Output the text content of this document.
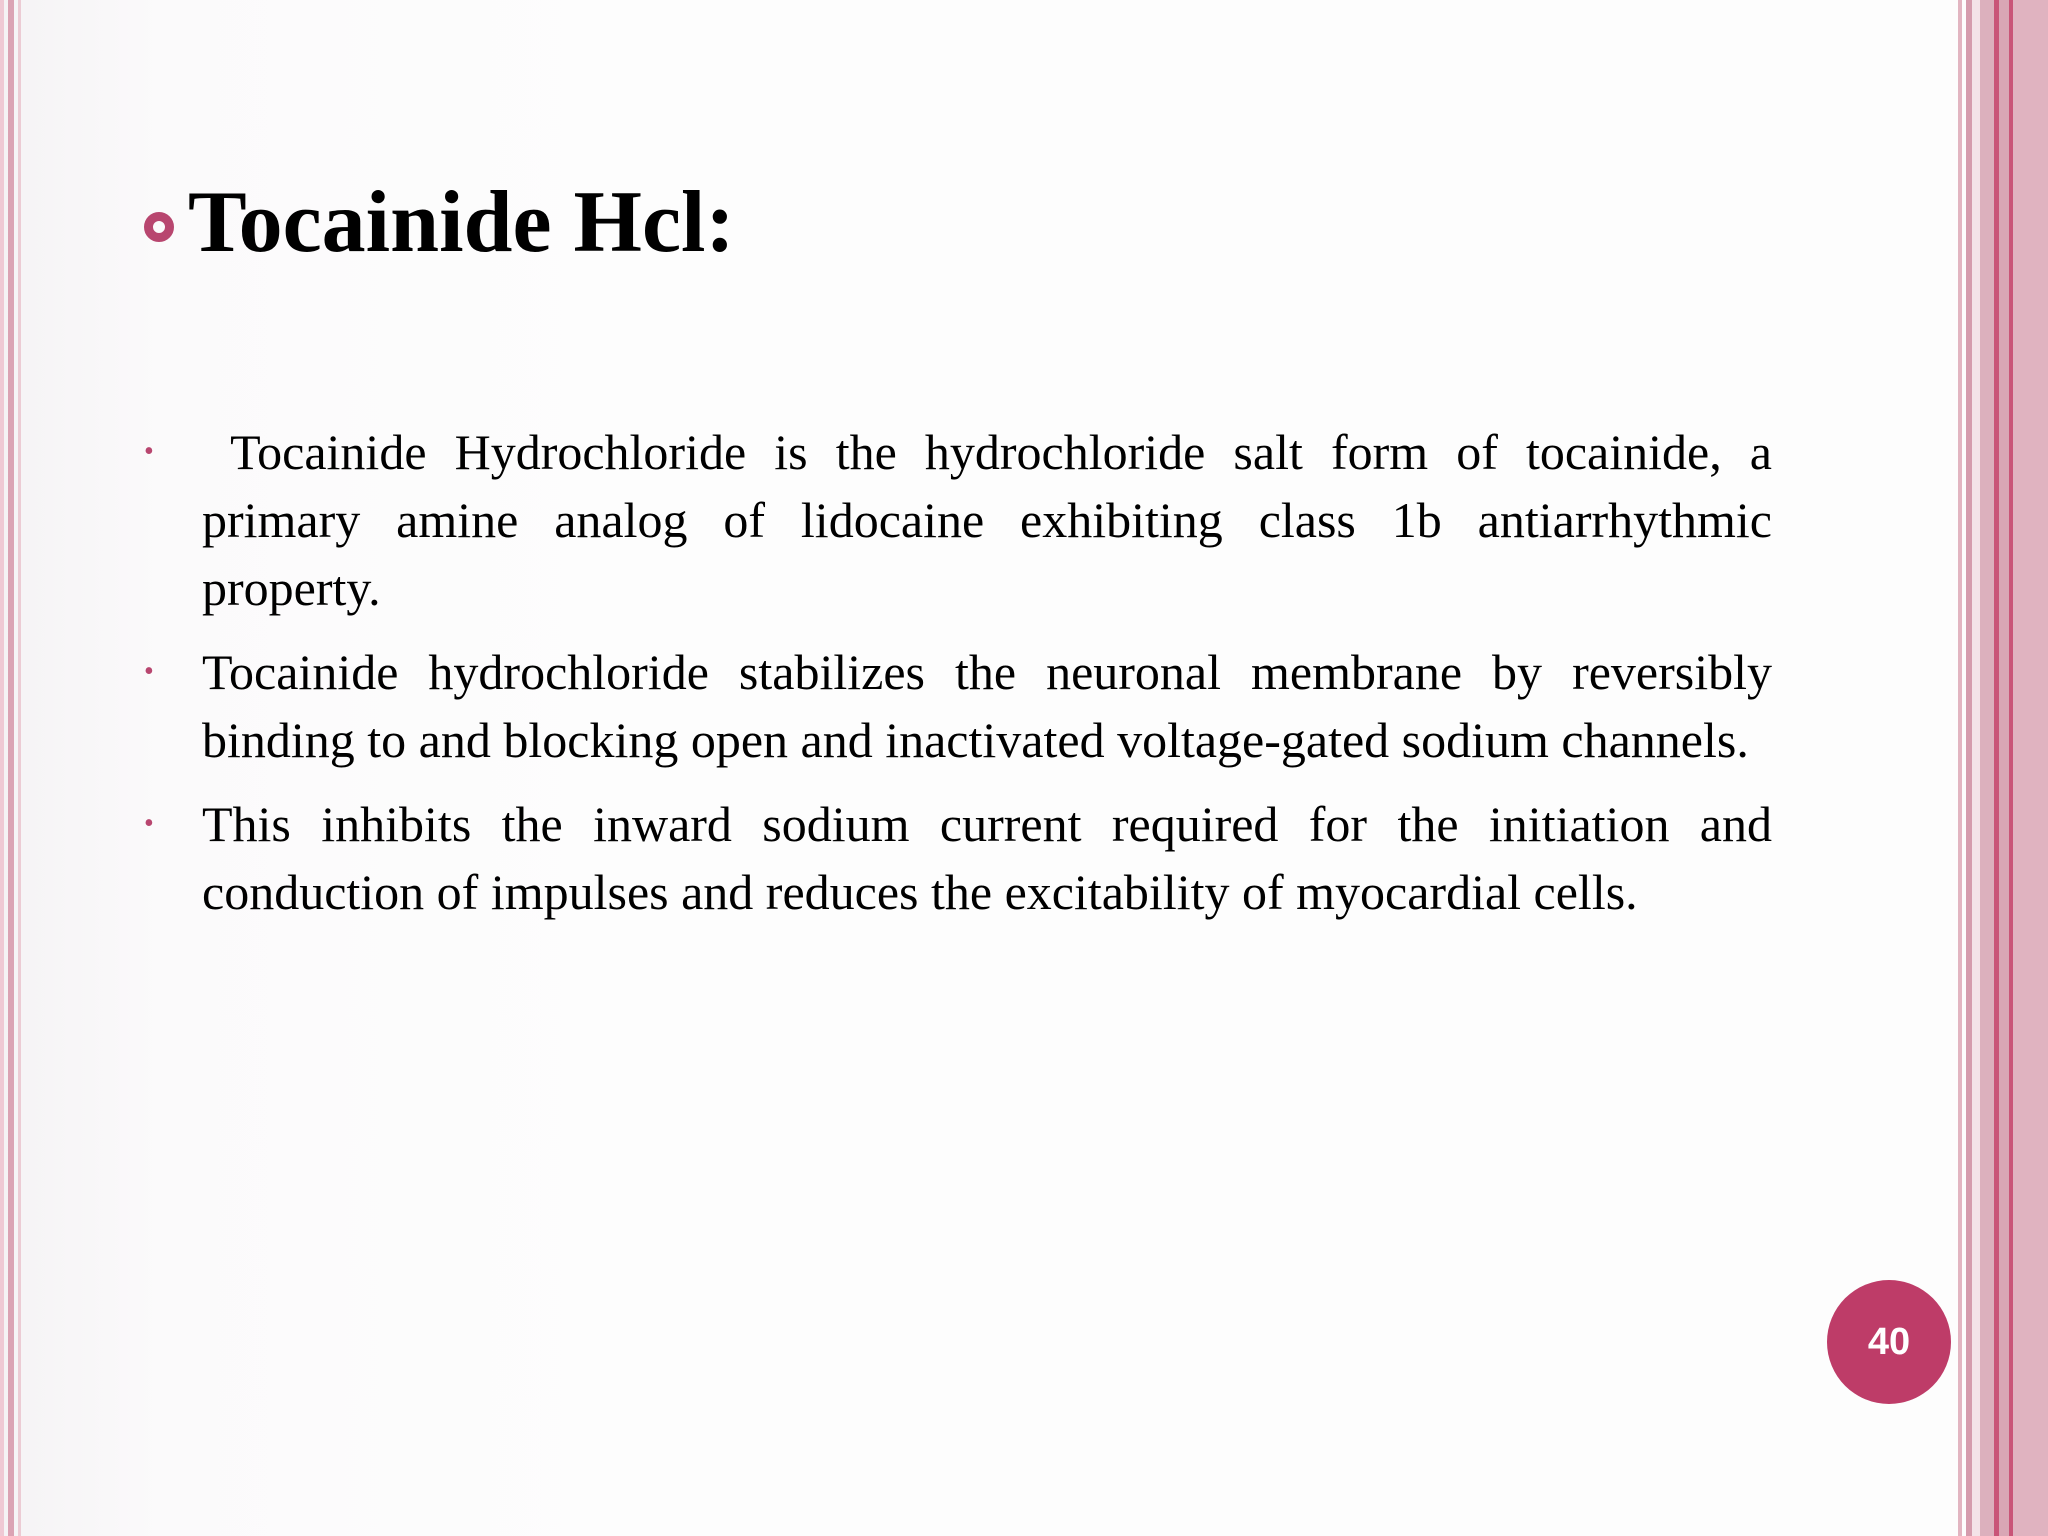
Tocainide Hcl:
• Tocainide Hydrochloride is the hydrochloride salt form of tocainide, a primary amine analog of lidocaine exhibiting class 1b antiarrhythmic property.
• Tocainide hydrochloride stabilizes the neuronal membrane by reversibly binding to and blocking open and inactivated voltage-gated sodium channels.
• This inhibits the inward sodium current required for the initiation and conduction of impulses and reduces the excitability of myocardial cells.
40
